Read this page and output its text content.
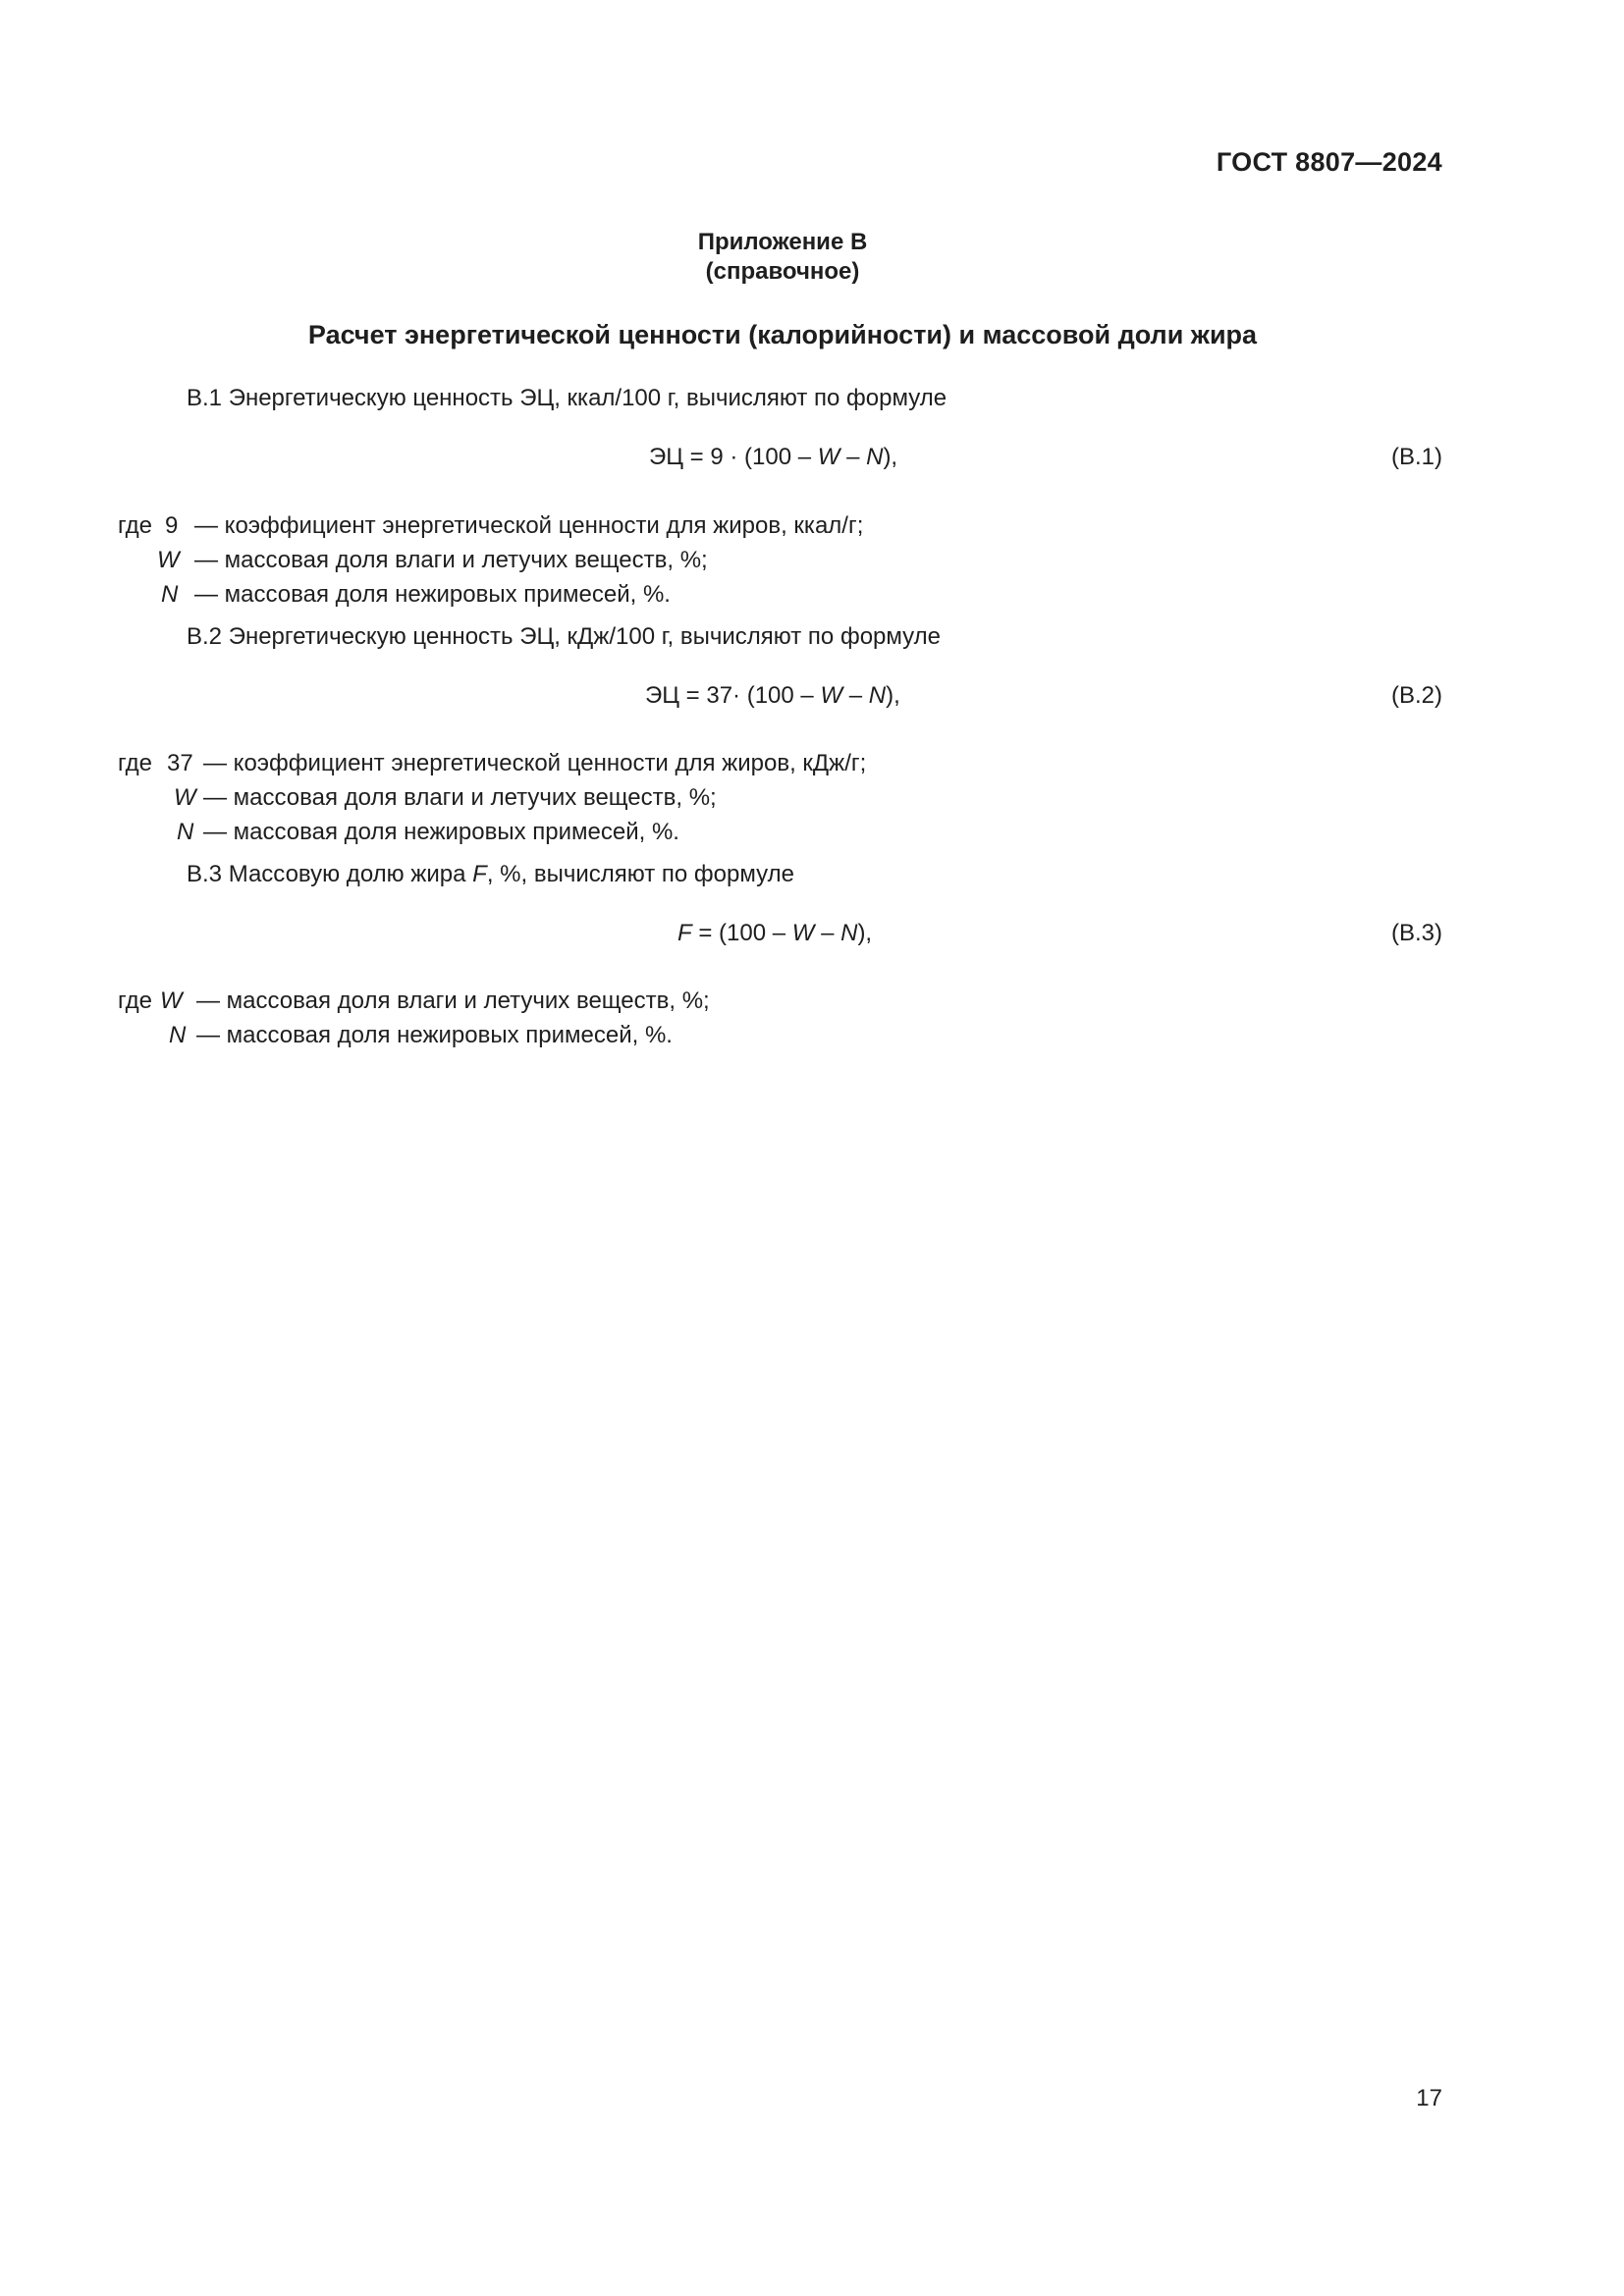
ГОСТ 8807—2024
Приложение В
(справочное)
Расчет энергетической ценности (калорийности) и массовой доли жира
В.1 Энергетическую ценность ЭЦ, ккал/100 г, вычисляют по формуле
ЭЦ = 9 · (100 – W – N),	(В.1)
где 9 — коэффициент энергетической ценности для жиров, ккал/г;
W — массовая доля влаги и летучих веществ, %;
N — массовая доля нежировых примесей, %.
В.2 Энергетическую ценность ЭЦ, кДж/100 г, вычисляют по формуле
ЭЦ = 37· (100 – W – N),	(В.2)
где 37 — коэффициент энергетической ценности для жиров, кДж/г;
W — массовая доля влаги и летучих веществ, %;
N — массовая доля нежировых примесей, %.
В.3 Массовую долю жира F, %, вычисляют по формуле
F = (100 – W – N),	(В.3)
где W — массовая доля влаги и летучих веществ, %;
N — массовая доля нежировых примесей, %.
17
